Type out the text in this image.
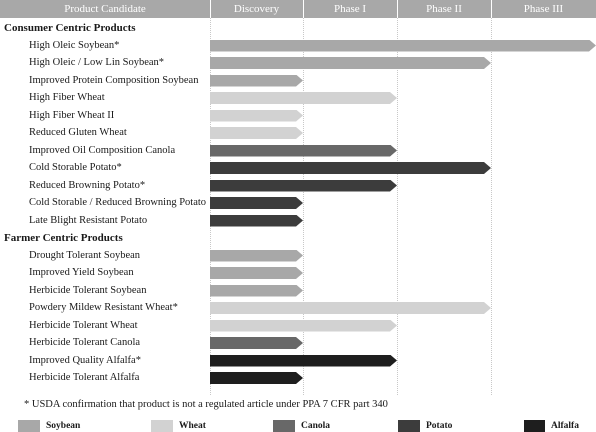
Product Candidate	Discovery	Phase I	Phase II	Phase III
Consumer Centric Products
High Oleic Soybean*
High Oleic / Low Lin Soybean*
Improved Protein Composition Soybean
High Fiber Wheat
High Fiber Wheat II
Reduced Gluten Wheat
Improved Oil Composition Canola
Cold Storable Potato*
Reduced Browning Potato*
Cold Storable / Reduced Browning Potato
Late Blight Resistant Potato
Farmer Centric Products
Drought Tolerant Soybean
Improved Yield Soybean
Herbicide Tolerant Soybean
Powdery Mildew Resistant Wheat*
Herbicide Tolerant Wheat
Herbicide Tolerant Canola
Improved Quality Alfalfa*
Herbicide Tolerant Alfalfa
* USDA confirmation that product is not a regulated article under PPA 7 CFR part 340
Soybean	Wheat	Canola	Potato	Alfalfa
